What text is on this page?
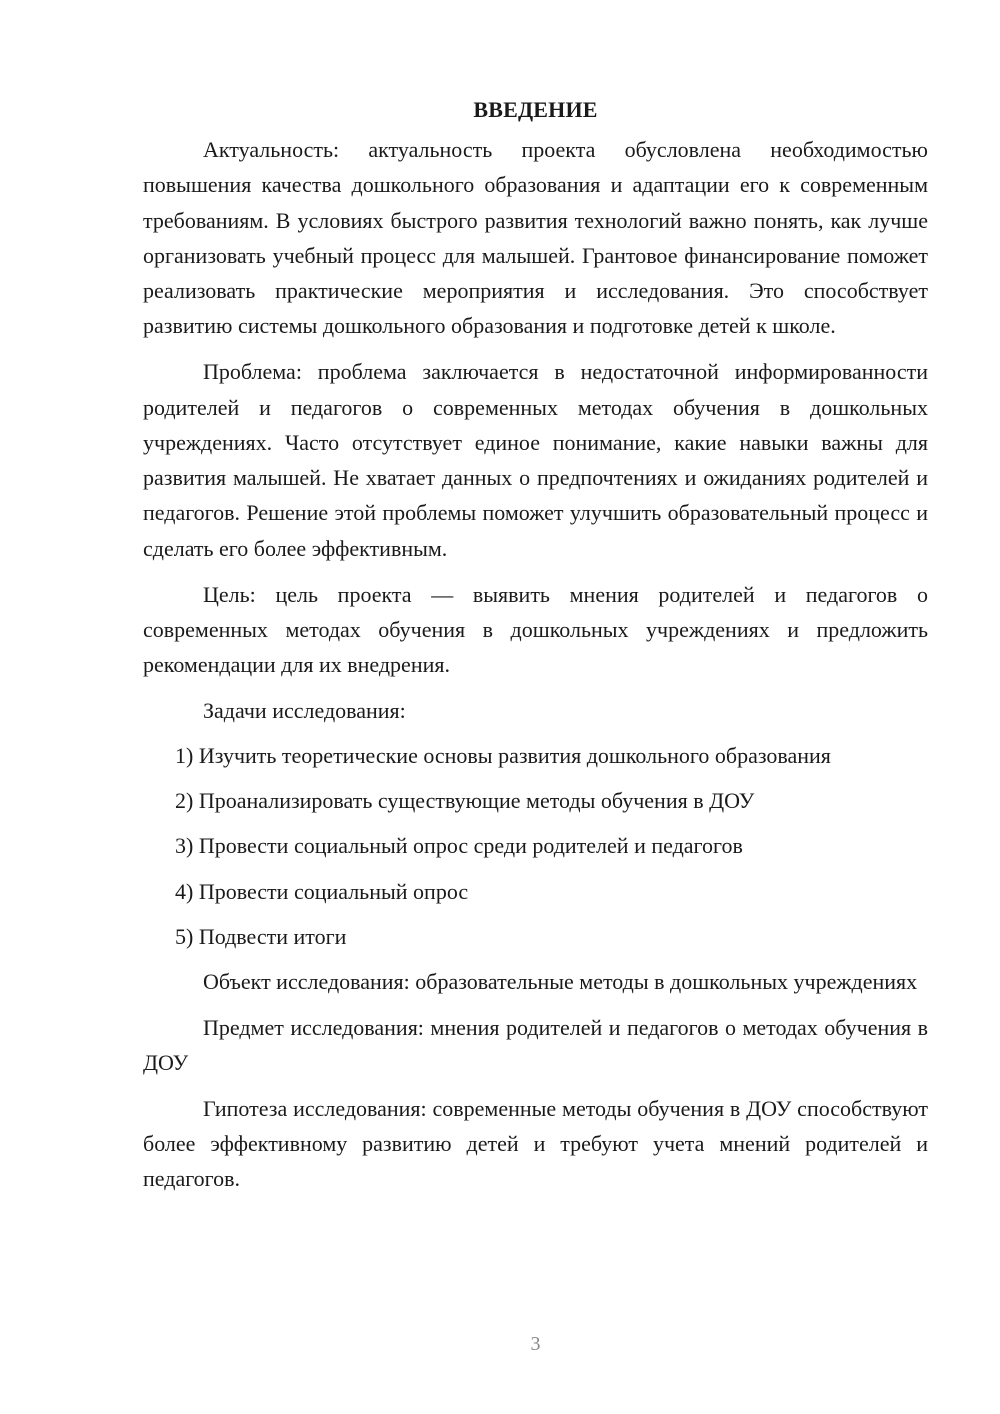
ВВЕДЕНИЕ

Актуальность: актуальность проекта обусловлена необходимостью повышения качества дошкольного образования и адаптации его к современным требованиям. В условиях быстрого развития технологий важно понять, как лучше организовать учебный процесс для малышей. Грантовое финансирование поможет реализовать практические мероприятия и исследования. Это способствует развитию системы дошкольного образования и подготовке детей к школе.

Проблема: проблема заключается в недостаточной информированности родителей и педагогов о современных методах обучения в дошкольных учреждениях. Часто отсутствует единое понимание, какие навыки важны для развития малышей. Не хватает данных о предпочтениях и ожиданиях родителей и педагогов. Решение этой проблемы поможет улучшить образовательный процесс и сделать его более эффективным.

Цель: цель проекта — выявить мнения родителей и педагогов о современных методах обучения в дошкольных учреждениях и предложить рекомендации для их внедрения.

Задачи исследования:
1) Изучить теоретические основы развития дошкольного образования
2) Проанализировать существующие методы обучения в ДОУ
3) Провести социальный опрос среди родителей и педагогов
4) Провести социальный опрос
5) Подвести итоги

Объект исследования: образовательные методы в дошкольных учреждениях

Предмет исследования: мнения родителей и педагогов о методах обучения в ДОУ

Гипотеза исследования: современные методы обучения в ДОУ способствуют более эффективному развитию детей и требуют учета мнений родителей и педагогов.

3
